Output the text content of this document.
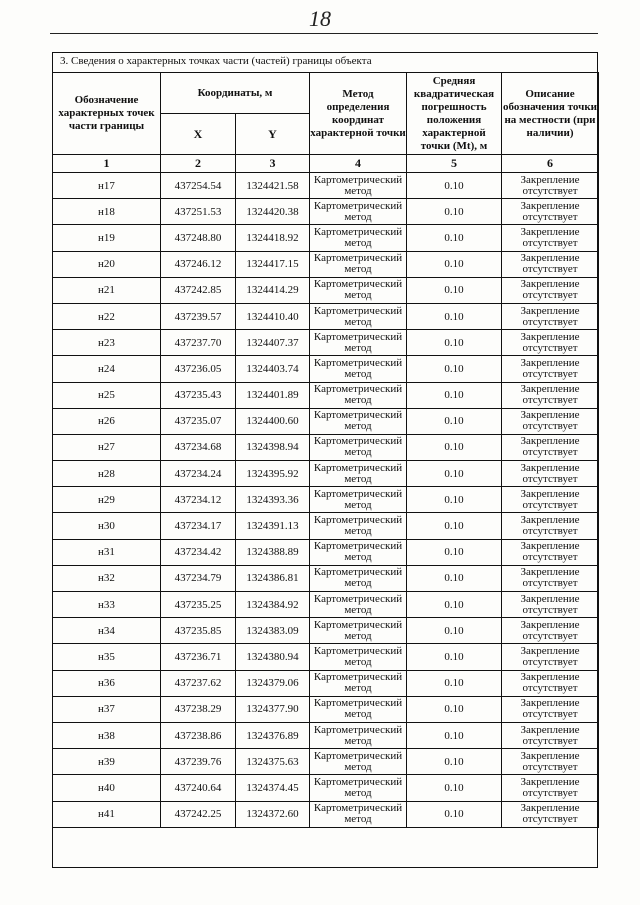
18
3. Сведения о характерных точках части (частей) границы объекта
Обозначение характерных точек части границы	Координаты, м		Метод определения координат характерной точки	Средняя квадратическая погрешность положения характерной точки (Mt), м	Описание обозначения точки на местности (при наличии)
	X	Y			
1	2	3	4	5	6
н17	437254.54	1324421.58	Картометрический метод	0.10	Закрепление отсутствует
н18	437251.53	1324420.38	Картометрический метод	0.10	Закрепление отсутствует
н19	437248.80	1324418.92	Картометрический метод	0.10	Закрепление отсутствует
н20	437246.12	1324417.15	Картометрический метод	0.10	Закрепление отсутствует
н21	437242.85	1324414.29	Картометрический метод	0.10	Закрепление отсутствует
н22	437239.57	1324410.40	Картометрический метод	0.10	Закрепление отсутствует
н23	437237.70	1324407.37	Картометрический метод	0.10	Закрепление отсутствует
н24	437236.05	1324403.74	Картометрический метод	0.10	Закрепление отсутствует
н25	437235.43	1324401.89	Картометрический метод	0.10	Закрепление отсутствует
н26	437235.07	1324400.60	Картометрический метод	0.10	Закрепление отсутствует
н27	437234.68	1324398.94	Картометрический метод	0.10	Закрепление отсутствует
н28	437234.24	1324395.92	Картометрический метод	0.10	Закрепление отсутствует
н29	437234.12	1324393.36	Картометрический метод	0.10	Закрепление отсутствует
н30	437234.17	1324391.13	Картометрический метод	0.10	Закрепление отсутствует
н31	437234.42	1324388.89	Картометрический метод	0.10	Закрепление отсутствует
н32	437234.79	1324386.81	Картометрический метод	0.10	Закрепление отсутствует
н33	437235.25	1324384.92	Картометрический метод	0.10	Закрепление отсутствует
н34	437235.85	1324383.09	Картометрический метод	0.10	Закрепление отсутствует
н35	437236.71	1324380.94	Картометрический метод	0.10	Закрепление отсутствует
н36	437237.62	1324379.06	Картометрический метод	0.10	Закрепление отсутствует
н37	437238.29	1324377.90	Картометрический метод	0.10	Закрепление отсутствует
н38	437238.86	1324376.89	Картометрический метод	0.10	Закрепление отсутствует
н39	437239.76	1324375.63	Картометрический метод	0.10	Закрепление отсутствует
н40	437240.64	1324374.45	Картометрический метод	0.10	Закрепление отсутствует
н41	437242.25	1324372.60	Картометрический метод	0.10	Закрепление отсутствует
